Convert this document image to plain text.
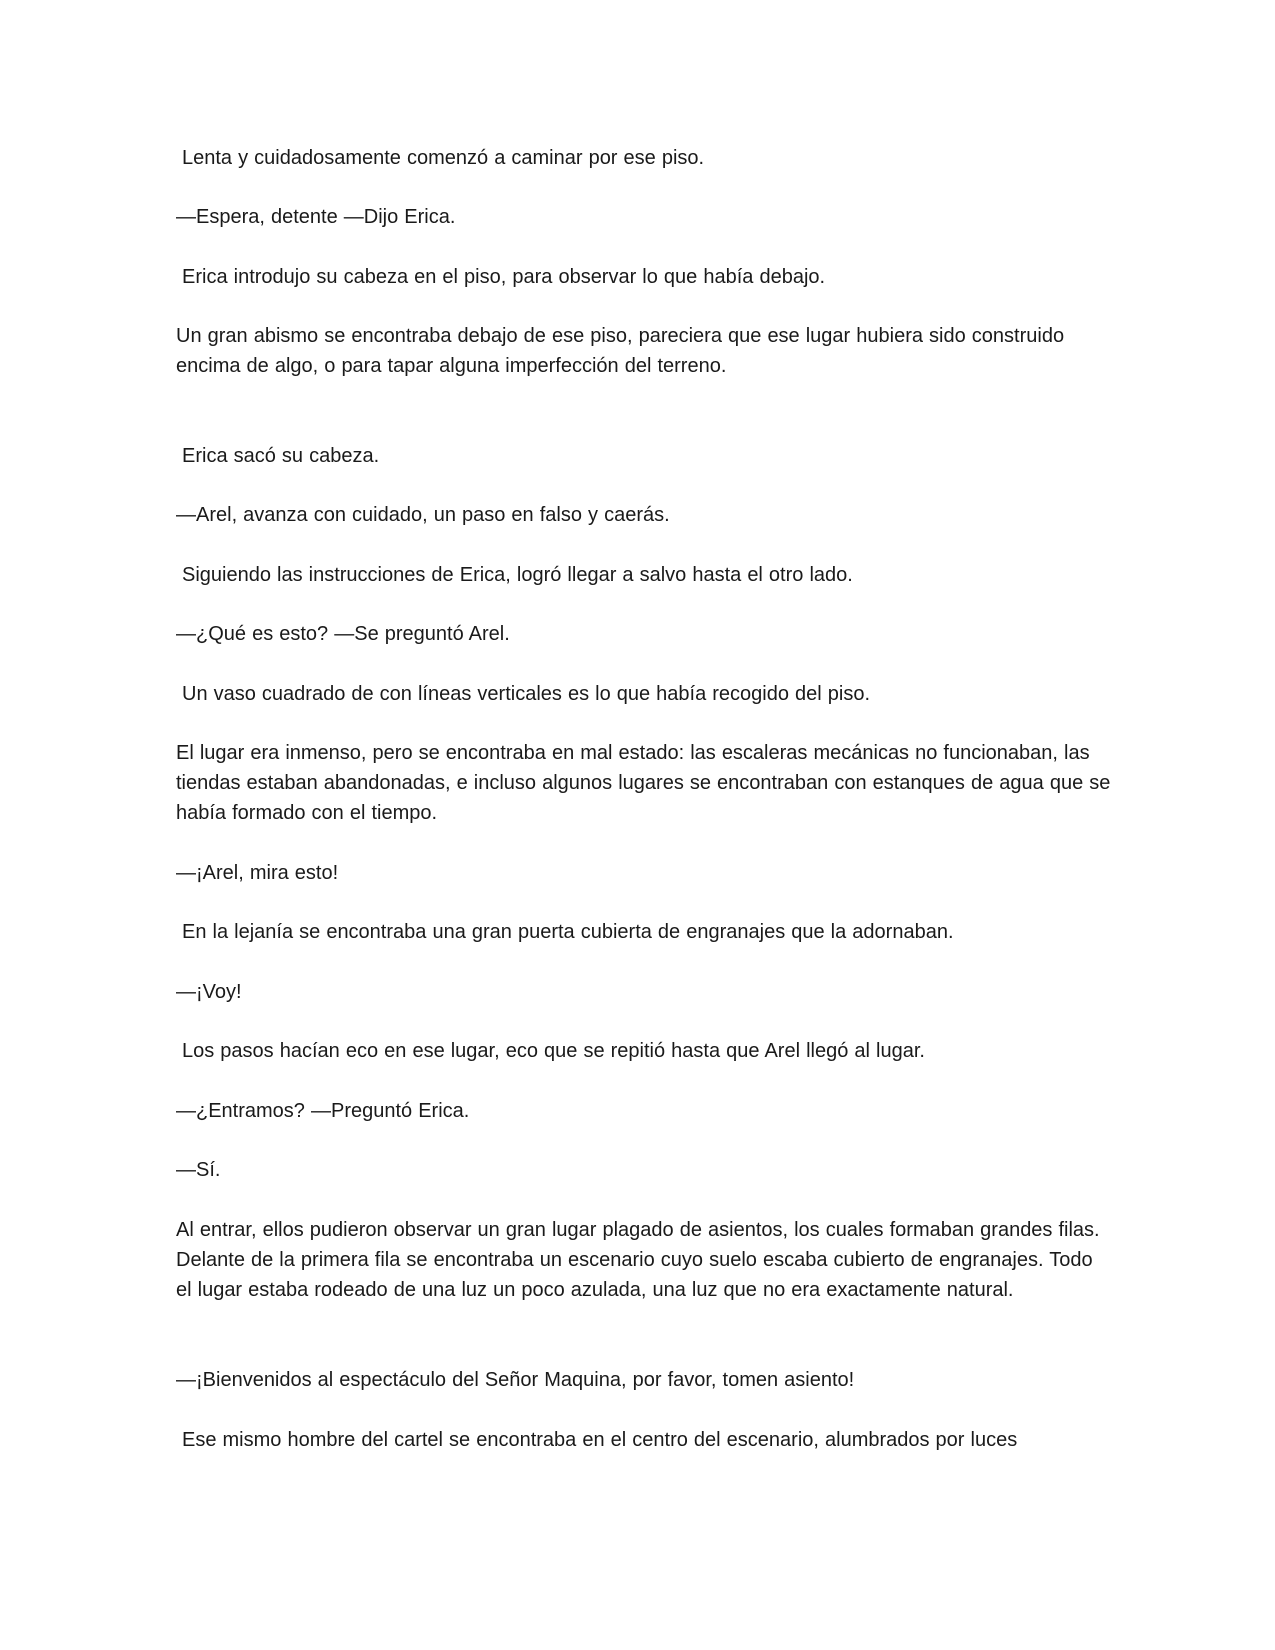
Lenta y cuidadosamente comenzó a caminar por ese piso.

—Espera, detente —Dijo Erica.

Erica introdujo su cabeza en el piso, para observar lo que había debajo.

Un gran abismo se encontraba debajo de ese piso, pareciera que ese lugar hubiera sido construido encima de algo, o para tapar alguna imperfección del terreno.

Erica sacó su cabeza.

—Arel, avanza con cuidado, un paso en falso y caerás.

Siguiendo las instrucciones de Erica, logró llegar a salvo hasta el otro lado.

—¿Qué es esto? —Se preguntó Arel.

Un vaso cuadrado de con líneas verticales es lo que había recogido del piso.

El lugar era inmenso, pero se encontraba en mal estado: las escaleras mecánicas no funcionaban, las tiendas estaban abandonadas, e incluso algunos lugares se encontraban con estanques de agua que se había formado con el tiempo.

—¡Arel, mira esto!

En la lejanía se encontraba una gran puerta cubierta de engranajes que la adornaban.

—¡Voy!

Los pasos hacían eco en ese lugar, eco que se repitió hasta que Arel llegó al lugar.

—¿Entramos? —Preguntó Erica.

—Sí.

Al entrar, ellos pudieron observar un gran lugar plagado de asientos, los cuales formaban grandes filas. Delante de la primera fila se encontraba un escenario cuyo suelo escaba cubierto de engranajes. Todo el lugar estaba rodeado de una luz un poco azulada, una luz que no era exactamente natural.

—¡Bienvenidos al espectáculo del Señor Maquina, por favor, tomen asiento!

Ese mismo hombre del cartel se encontraba en el centro del escenario, alumbrados por luces
